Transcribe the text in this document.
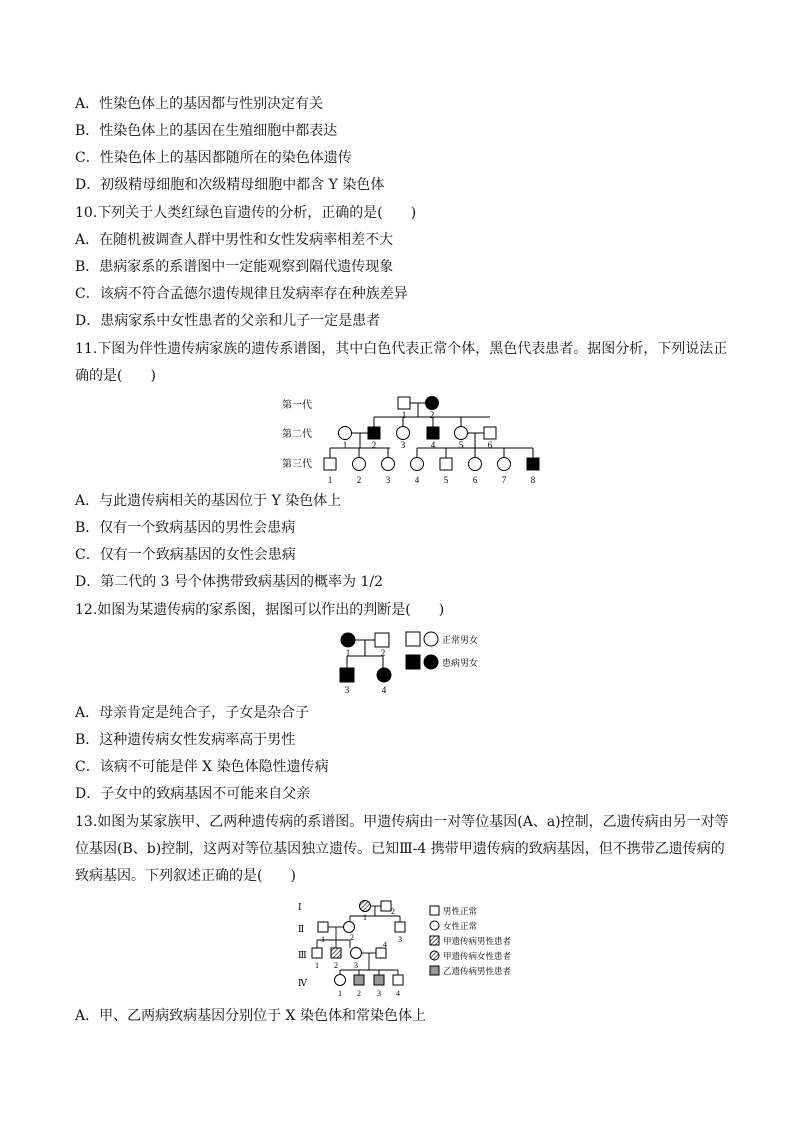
A．性染色体上的基因都与性别决定有关
B．性染色体上的基因在生殖细胞中都表达
C．性染色体上的基因都随所在的染色体遗传
D．初级精母细胞和次级精母细胞中都含 Y 染色体
10.下列关于人类红绿色盲遗传的分析，正确的是(　　)
A．在随机被调查人群中男性和女性发病率相差不大
B．患病家系的系谱图中一定能观察到隔代遗传现象
C．该病不符合孟德尔遗传规律且发病率存在种族差异
D．患病家系中女性患者的父亲和儿子一定是患者
11.下图为伴性遗传病家族的遗传系谱图，其中白色代表正常个体，黑色代表患者。据图分析，下列说法正
确的是(　　)
第一代
第二代
第三代
1	2
1	2	3	4	5	6
1	2	3	4	5	6	7	8
A．与此遗传病相关的基因位于 Y 染色体上
B．仅有一个致病基因的男性会患病
C．仅有一个致病基因的女性会患病
D．第二代的 3 号个体携带致病基因的概率为 1/2
12.如图为某遗传病的家系图，据图可以作出的判断是(　　)
1	2
3	4
正常男女
患病男女
A．母亲肯定是纯合子，子女是杂合子
B．这种遗传病女性发病率高于男性
C．该病不可能是伴 X 染色体隐性遗传病
D．子女中的致病基因不可能来自父亲
13.如图为某家族甲、乙两种遗传病的系谱图。甲遗传病由一对等位基因(A、a)控制，乙遗传病由另一对等
位基因(B、b)控制，这两对等位基因独立遗传。已知Ⅲ-4 携带甲遗传病的致病基因，但不携带乙遗传病的
致病基因。下列叙述正确的是(　　)
Ⅰ
Ⅱ
Ⅲ
Ⅳ
1
2
1	2	3
1 2 3
4
1 2 3 4
男性正常
女性正常
甲遗传病男性患者
甲遗传病女性患者
乙遗传病男性患者
A．甲、乙两病致病基因分别位于 X 染色体和常染色体上
